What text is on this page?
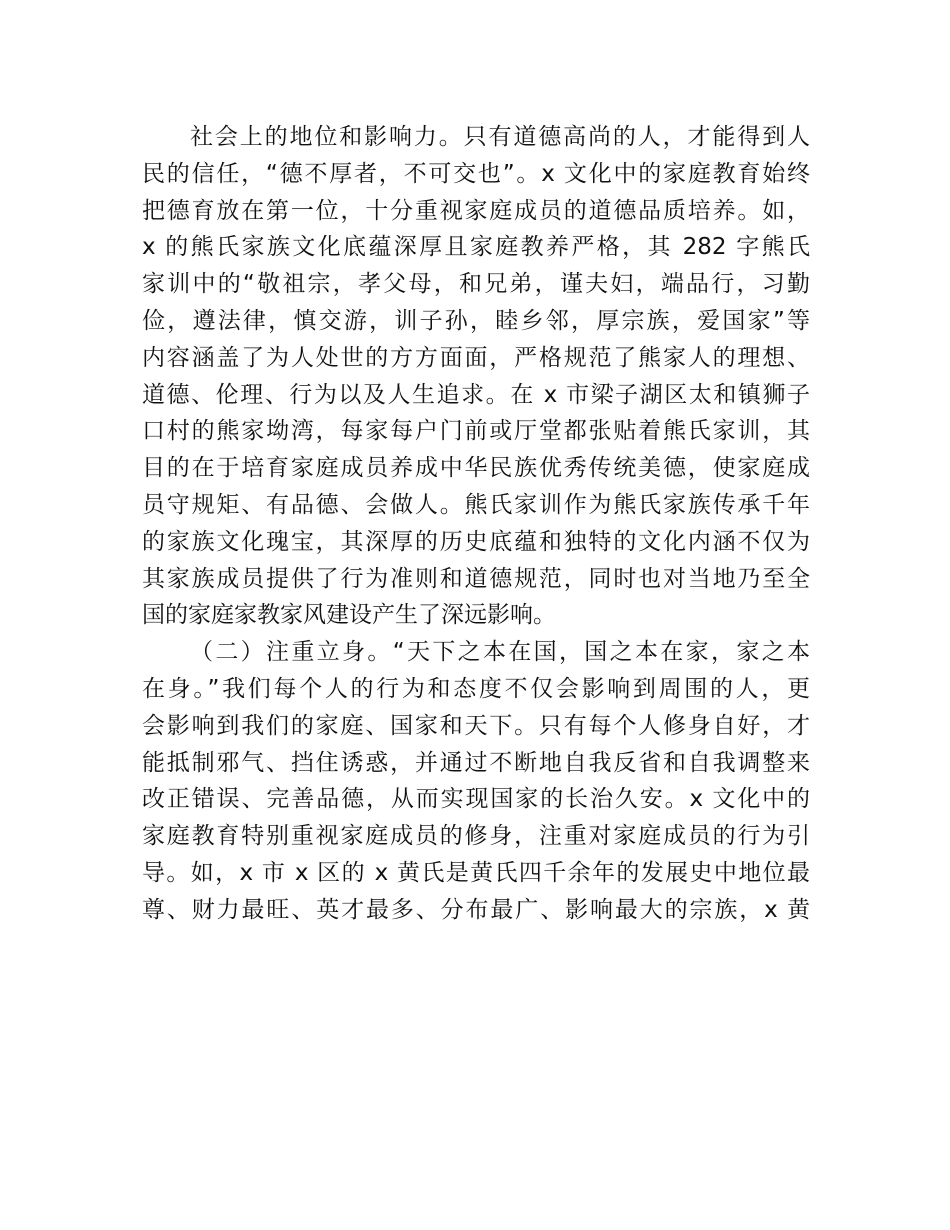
社会上的地位和影响力。只有道德高尚的人，才能得到人
民的信任，“德不厚者，不可交也”。x 文化中的家庭教育始终
把德育放在第一位，十分重视家庭成员的道德品质培养。如，
x 的熊氏家族文化底蕴深厚且家庭教养严格，其 282 字熊氏
家训中的“敬祖宗，孝父母，和兄弟，谨夫妇，端品行，习勤
俭，遵法律，慎交游，训子孙，睦乡邻，厚宗族，爱国家”等
内容涵盖了为人处世的方方面面，严格规范了熊家人的理想、
道德、伦理、行为以及人生追求。在 x 市梁子湖区太和镇狮子
口村的熊家坳湾，每家每户门前或厅堂都张贴着熊氏家训，其
目的在于培育家庭成员养成中华民族优秀传统美德，使家庭成
员守规矩、有品德、会做人。熊氏家训作为熊氏家族传承千年
的家族文化瑰宝，其深厚的历史底蕴和独特的文化内涵不仅为
其家族成员提供了行为准则和道德规范，同时也对当地乃至全
国的家庭家教家风建设产生了深远影响。
（二）注重立身。“天下之本在国，国之本在家，家之本
在身。”我们每个人的行为和态度不仅会影响到周围的人，更
会影响到我们的家庭、国家和天下。只有每个人修身自好，才
能抵制邪气、挡住诱惑，并通过不断地自我反省和自我调整来
改正错误、完善品德，从而实现国家的长治久安。x 文化中的
家庭教育特别重视家庭成员的修身，注重对家庭成员的行为引
导。如，x 市 x 区的 x 黄氏是黄氏四千余年的发展史中地位最
尊、财力最旺、英才最多、分布最广、影响最大的宗族，x 黄
